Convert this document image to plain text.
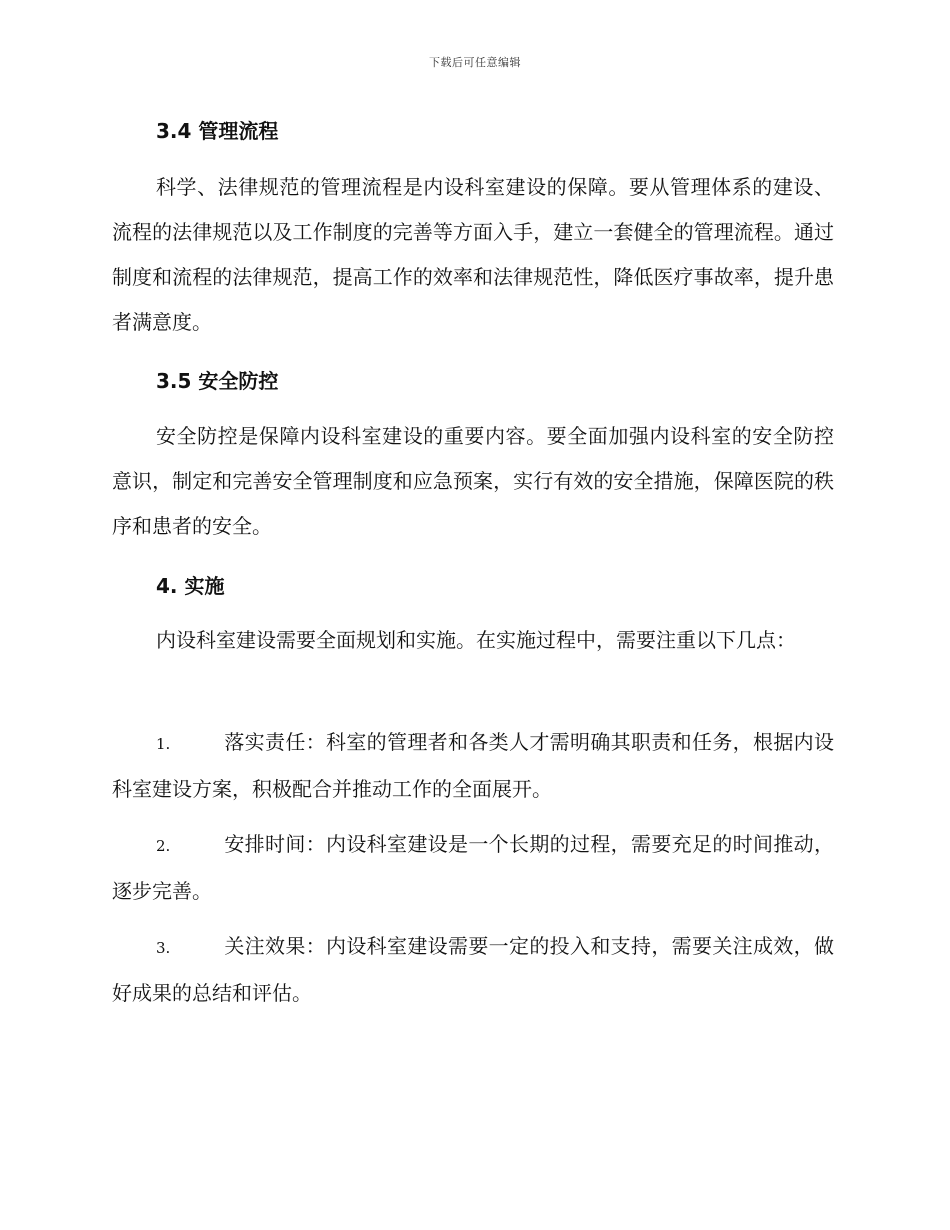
下载后可任意编辑
3.4 管理流程
科学、法律规范的管理流程是内设科室建设的保障。要从管理体系的建设、流程的法律规范以及工作制度的完善等方面入手，建立一套健全的管理流程。通过制度和流程的法律规范，提高工作的效率和法律规范性，降低医疗事故率，提升患者满意度。
3.5 安全防控
安全防控是保障内设科室建设的重要内容。要全面加强内设科室的安全防控意识，制定和完善安全管理制度和应急预案，实行有效的安全措施，保障医院的秩序和患者的安全。
4. 实施
内设科室建设需要全面规划和实施。在实施过程中，需要注重以下几点：
1.	落实责任：科室的管理者和各类人才需明确其职责和任务，根据内设科室建设方案，积极配合并推动工作的全面展开。
2.	安排时间：内设科室建设是一个长期的过程，需要充足的时间推动，逐步完善。
3.	关注效果：内设科室建设需要一定的投入和支持，需要关注成效，做好成果的总结和评估。
